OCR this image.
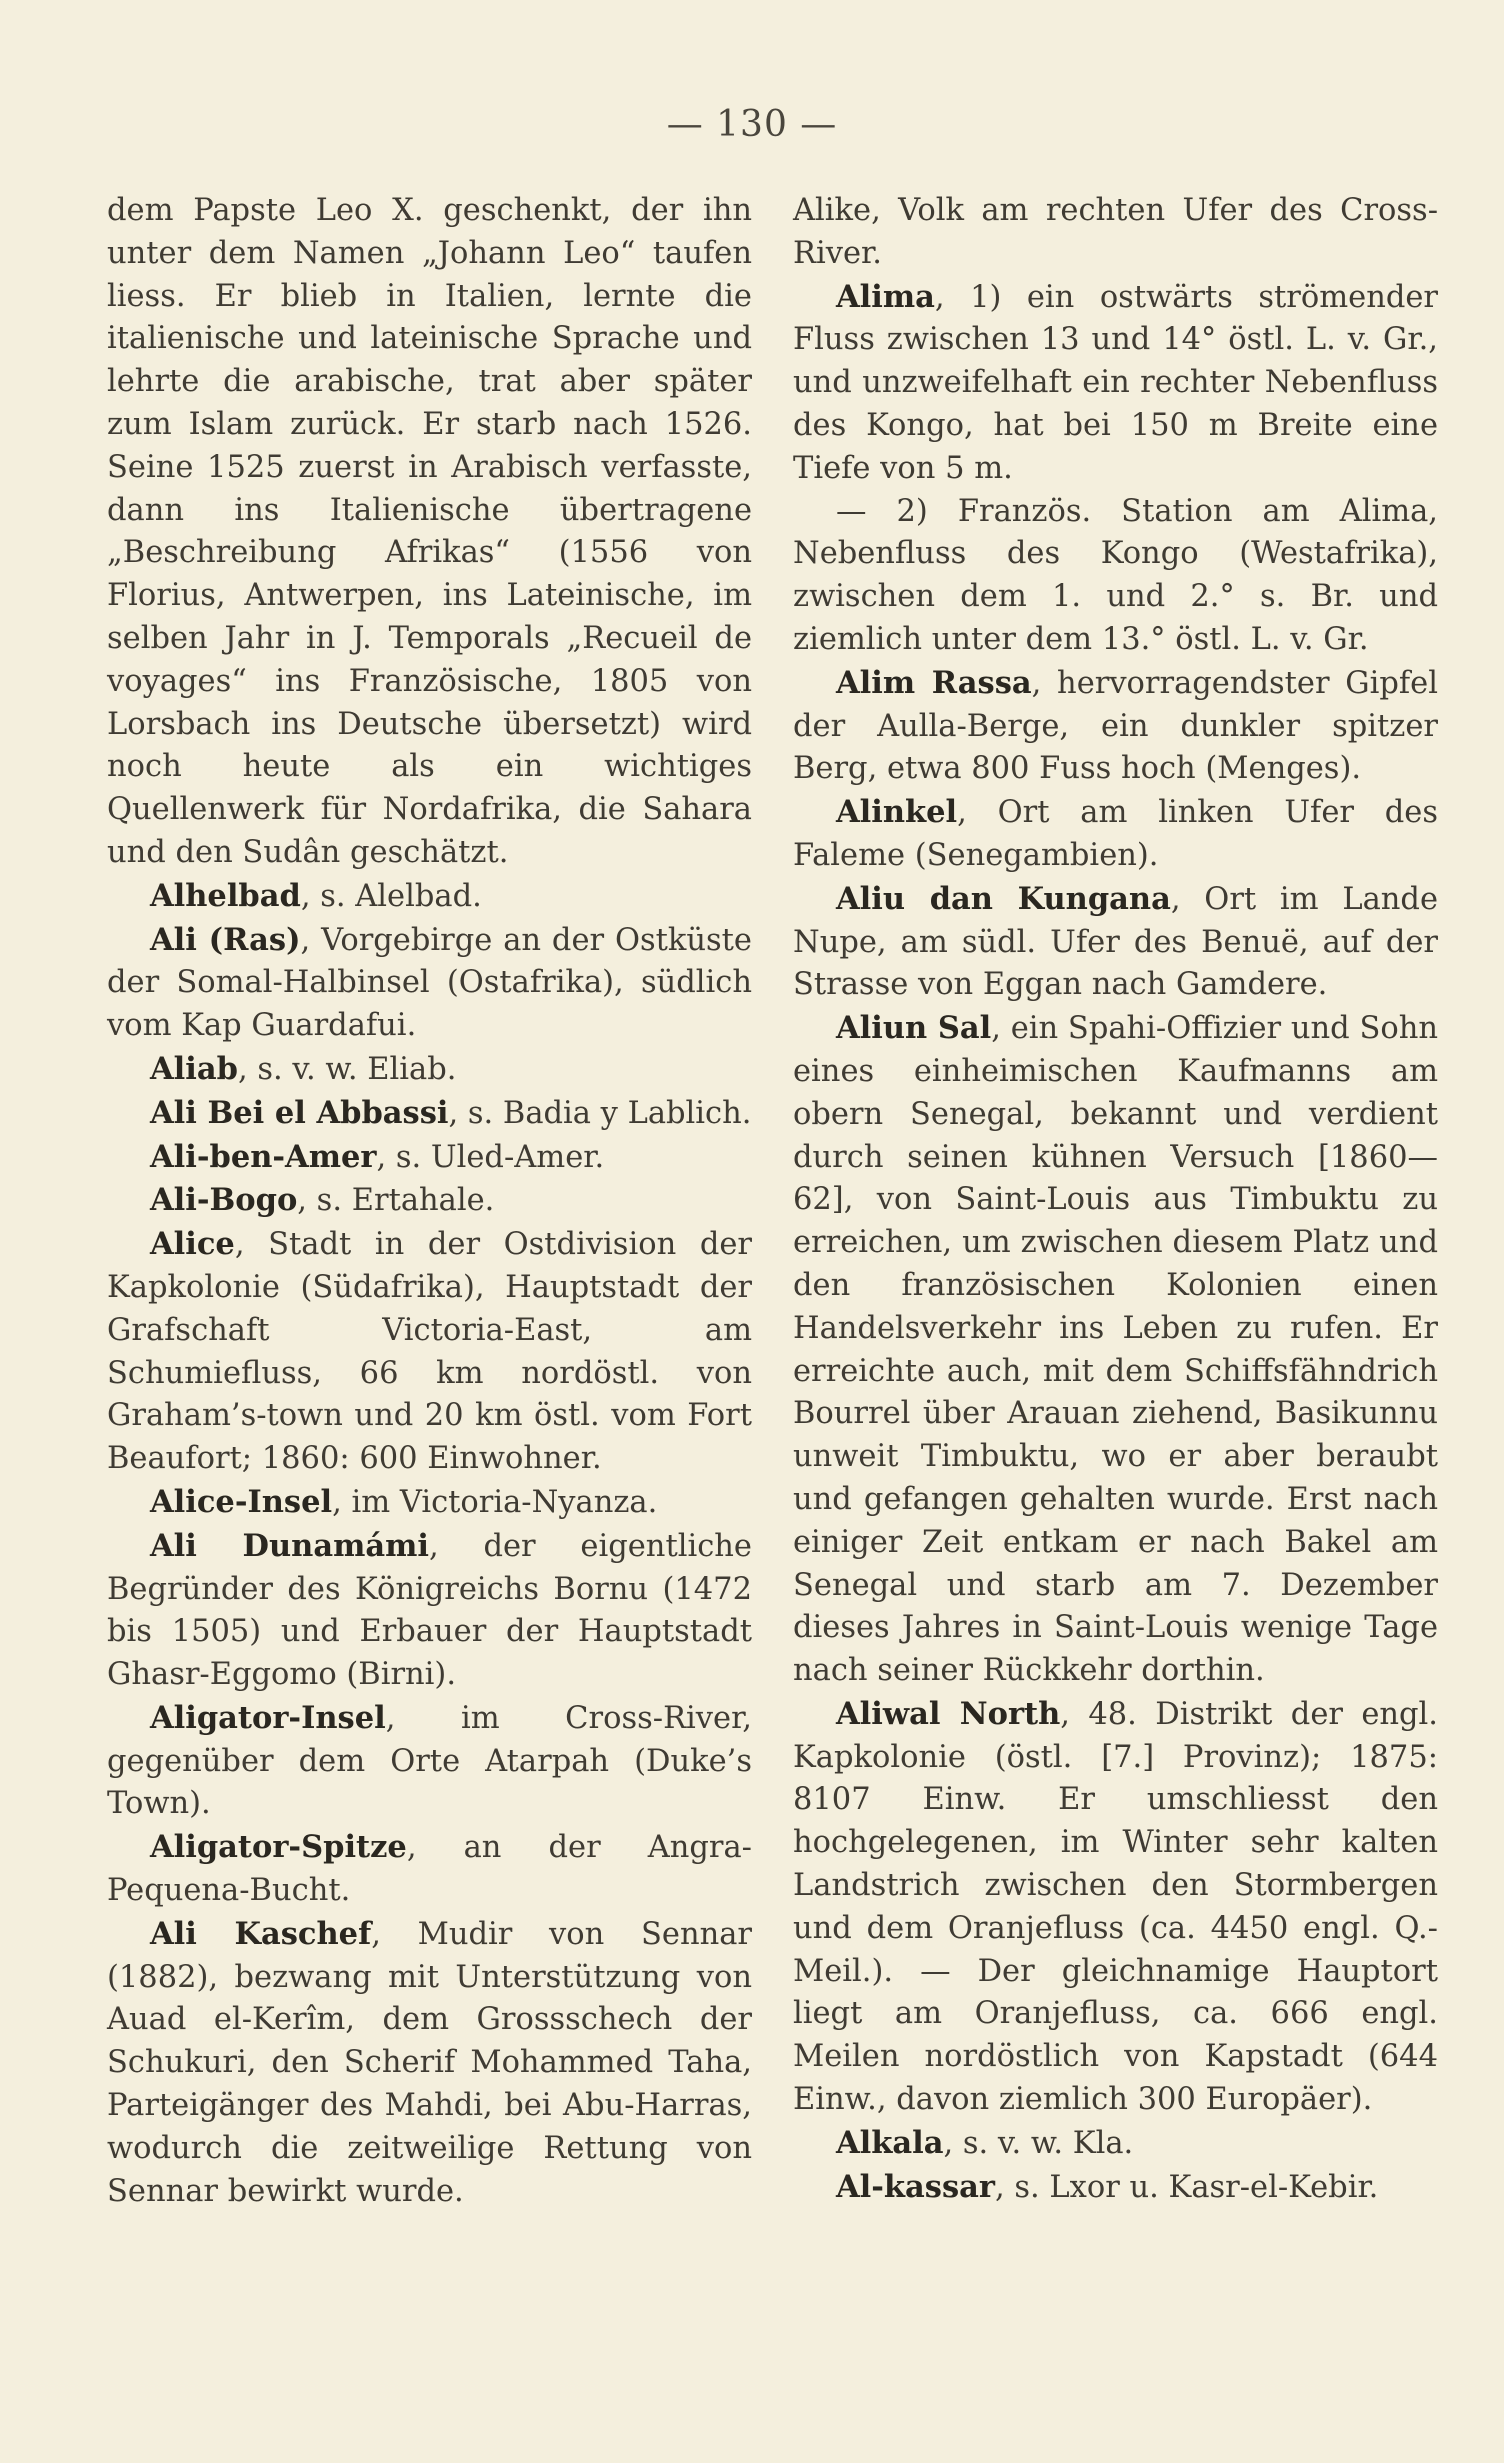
— 130 —

dem Papste Leo X. geschenkt, der ihn unter dem Namen „Johann Leo“ taufen liess. Er blieb in Italien, lernte die italienische und lateinische Sprache und lehrte die arabische, trat aber später zum Islam zurück. Er starb nach 1526. Seine 1525 zuerst in Arabisch verfasste, dann ins Italienische übertragene „Beschreibung Afrikas“ (1556 von Florius, Antwerpen, ins Lateinische, im selben Jahr in J. Temporals „Recueil de voyages“ ins Französische, 1805 von Lorsbach ins Deutsche übersetzt) wird noch heute als ein wichtiges Quellenwerk für Nordafrika, die Sahara und den Sudân geschätzt.

Alhelbad, s. Alelbad.

Ali (Ras), Vorgebirge an der Ostküste der Somal-Halbinsel (Ostafrika), südlich vom Kap Guardafui.

Aliab, s. v. w. Eliab.

Ali Bei el Abbassi, s. Badia y Lablich.

Ali-ben-Amer, s. Uled-Amer.

Ali-Bogo, s. Ertahale.

Alice, Stadt in der Ostdivision der Kapkolonie (Südafrika), Hauptstadt der Grafschaft Victoria-East, am Schumiefluss, 66 km nordöstl. von Graham’s-town und 20 km östl. vom Fort Beaufort; 1860: 600 Einwohner.

Alice-Insel, im Victoria-Nyanza.

Ali Dunamámi, der eigentliche Begründer des Königreichs Bornu (1472 bis 1505) und Erbauer der Hauptstadt Ghasr-Eggomo (Birni).

Aligator-Insel, im Cross-River, gegenüber dem Orte Atarpah (Duke’s Town).

Aligator-Spitze, an der Angra-Pequena-Bucht.

Ali Kaschef, Mudir von Sennar (1882), bezwang mit Unterstützung von Auad el-Kerîm, dem Grossschech der Schukuri, den Scherif Mohammed Taha, Parteigänger des Mahdi, bei Abu-Harras, wodurch die zeitweilige Rettung von Sennar bewirkt wurde.

Alike, Volk am rechten Ufer des Cross-River.

Alima, 1) ein ostwärts strömender Fluss zwischen 13 und 14° östl. L. v. Gr., und unzweifelhaft ein rechter Nebenfluss des Kongo, hat bei 150 m Breite eine Tiefe von 5 m.

— 2) Französ. Station am Alima, Nebenfluss des Kongo (Westafrika), zwischen dem 1. und 2.° s. Br. und ziemlich unter dem 13.° östl. L. v. Gr.

Alim Rassa, hervorragendster Gipfel der Aulla-Berge, ein dunkler spitzer Berg, etwa 800 Fuss hoch (Menges).

Alinkel, Ort am linken Ufer des Faleme (Senegambien).

Aliu dan Kungana, Ort im Lande Nupe, am südl. Ufer des Benuë, auf der Strasse von Eggan nach Gamdere.

Aliun Sal, ein Spahi-Offizier und Sohn eines einheimischen Kaufmanns am obern Senegal, bekannt und verdient durch seinen kühnen Versuch [1860—62], von Saint-Louis aus Timbuktu zu erreichen, um zwischen diesem Platz und den französischen Kolonien einen Handelsverkehr ins Leben zu rufen. Er erreichte auch, mit dem Schiffsfähndrich Bourrel über Arauan ziehend, Basikunnu unweit Timbuktu, wo er aber beraubt und gefangen gehalten wurde. Erst nach einiger Zeit entkam er nach Bakel am Senegal und starb am 7. Dezember dieses Jahres in Saint-Louis wenige Tage nach seiner Rückkehr dorthin.

Aliwal North, 48. Distrikt der engl. Kapkolonie (östl. [7.] Provinz); 1875: 8107 Einw. Er umschliesst den hochgelegenen, im Winter sehr kalten Landstrich zwischen den Stormbergen und dem Oranjefluss (ca. 4450 engl. Q.-Meil.). — Der gleichnamige Hauptort liegt am Oranjefluss, ca. 666 engl. Meilen nordöstlich von Kapstadt (644 Einw., davon ziemlich 300 Europäer).

Alkala, s. v. w. Kla.

Al-kassar, s. Lxor u. Kasr-el-Kebir.
